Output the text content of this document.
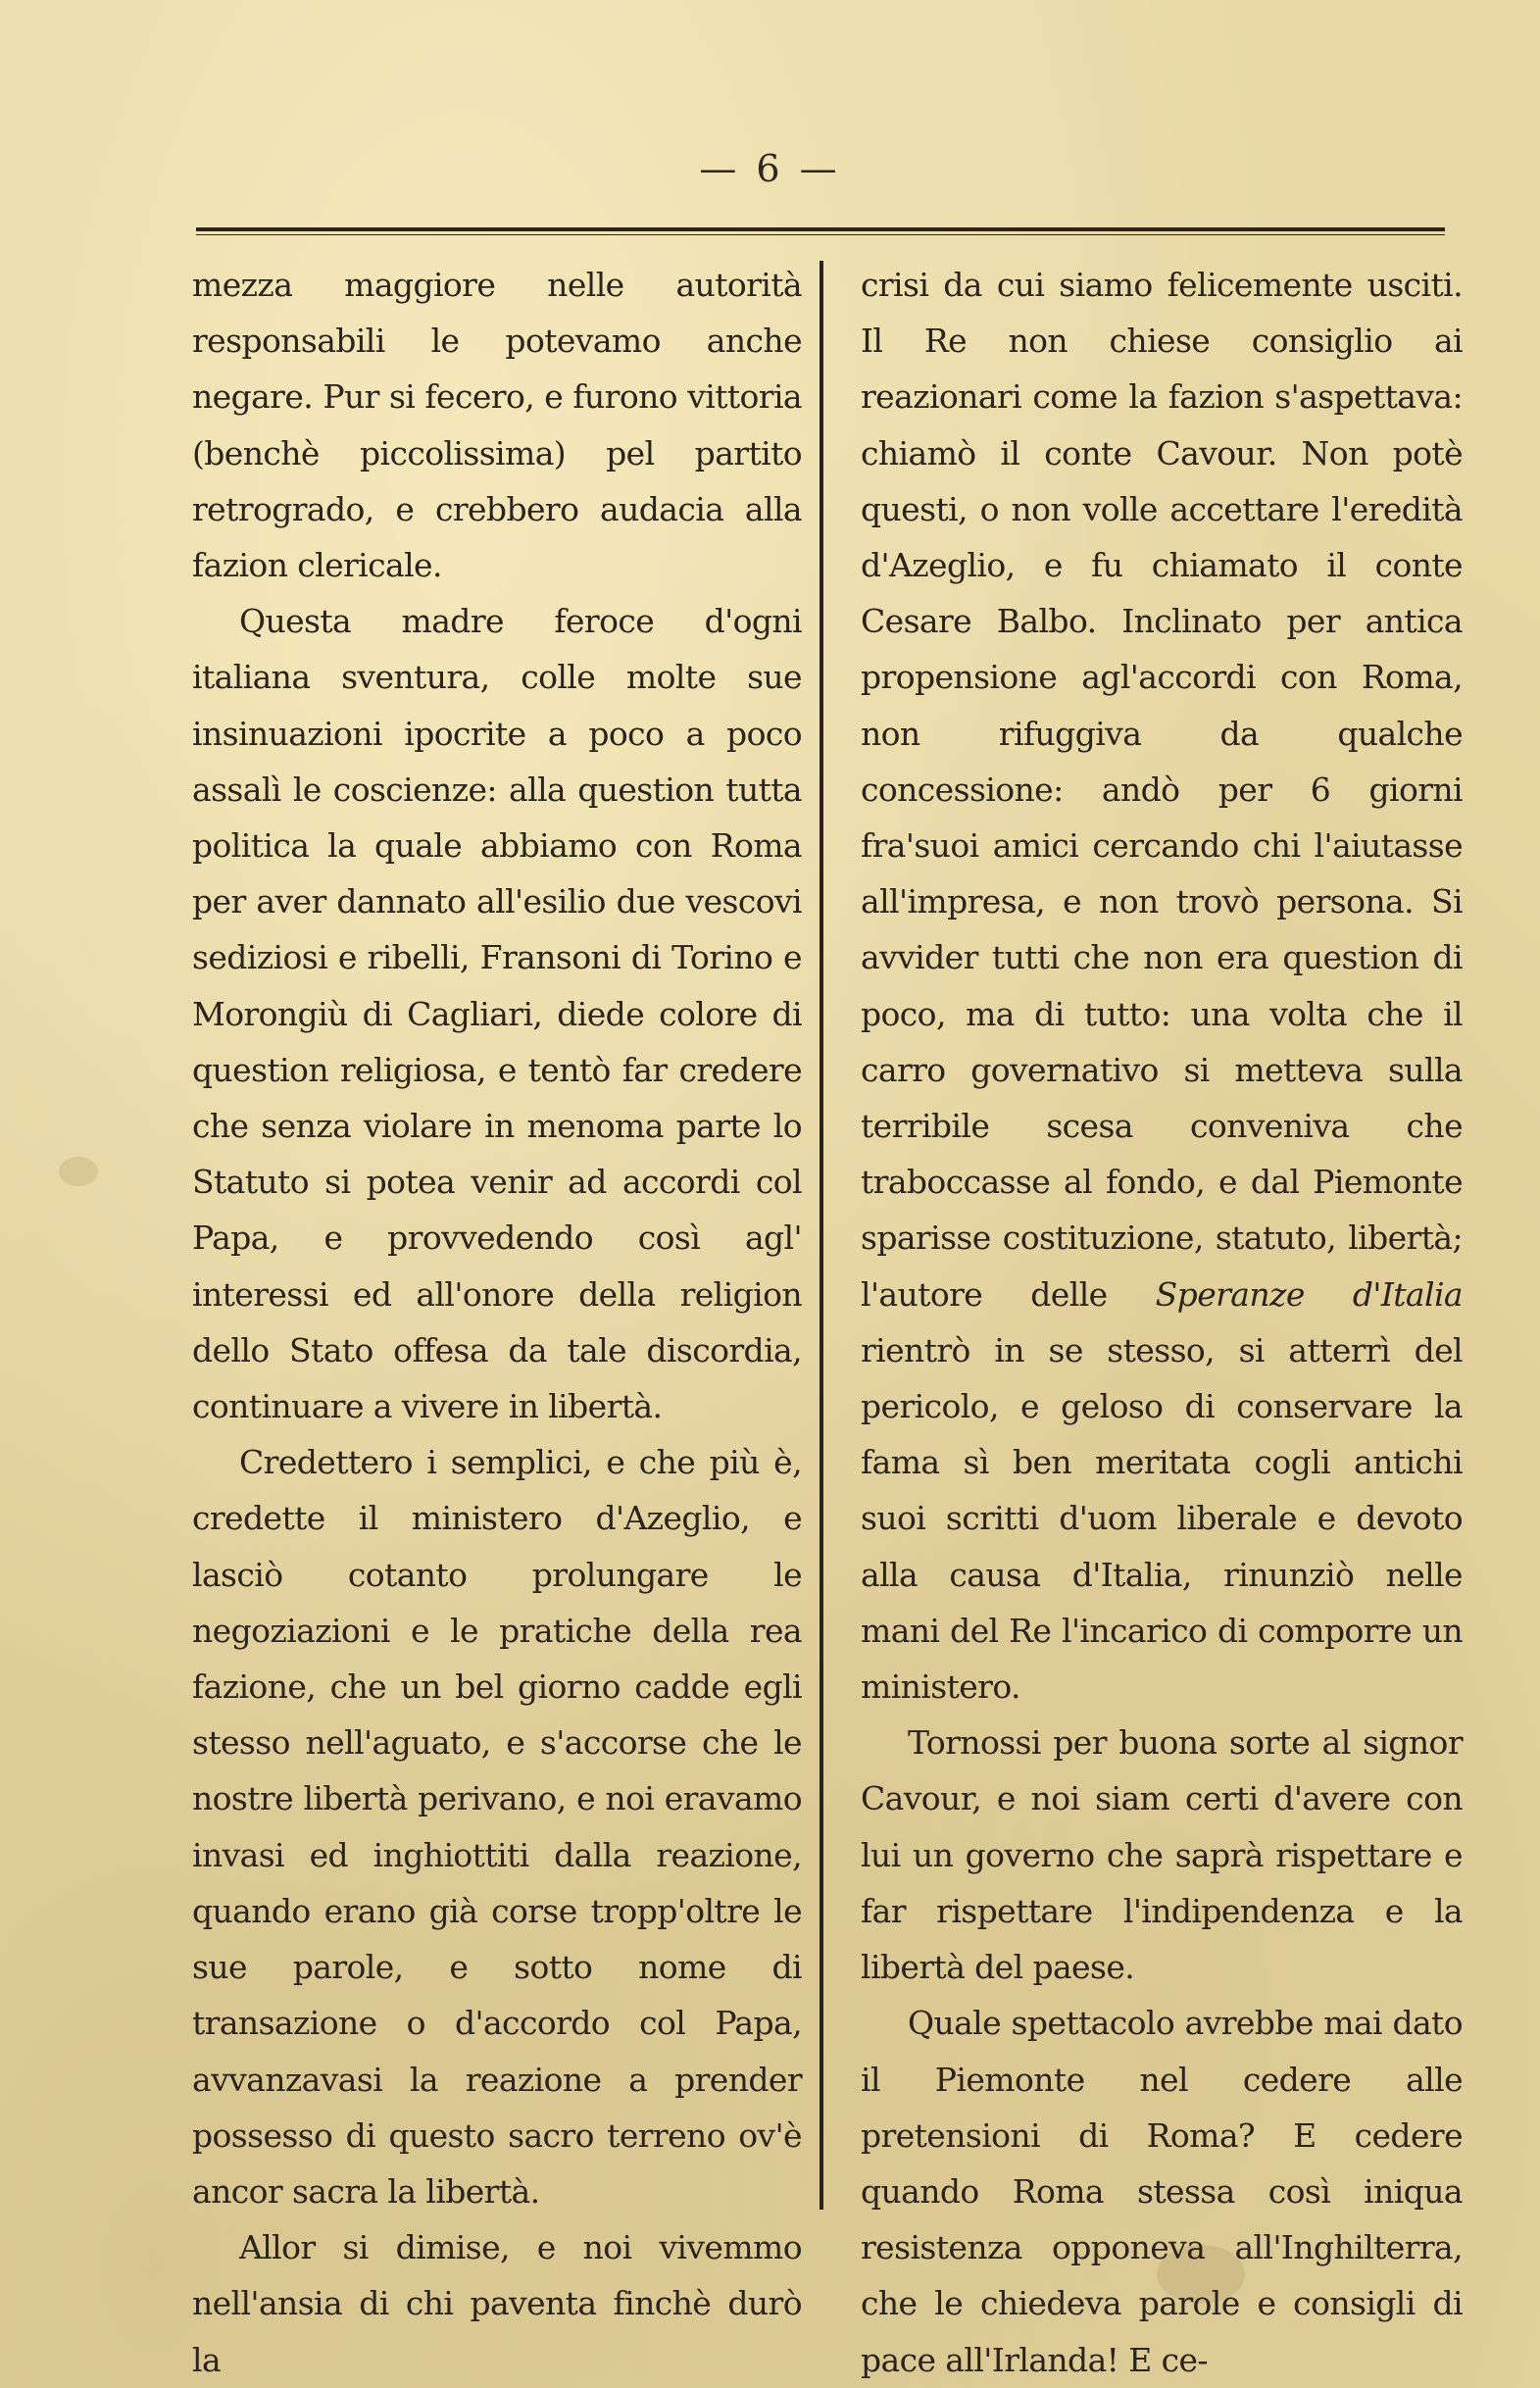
— 6 —

mezza maggiore nelle autorità responsabili le potevamo anche negare. Pur si fecero, e furono vittoria (benchè piccolissima) pel partito retrogrado, e crebbero audacia alla fazion clericale.

Questa madre feroce d'ogni italiana sventura, colle molte sue insinuazioni ipocrite a poco a poco assalì le coscienze: alla question tutta politica la quale abbiamo con Roma per aver dannato all'esilio due vescovi sediziosi e ribelli, Fransoni di Torino e Morongiù di Cagliari, diede colore di question religiosa, e tentò far credere che senza violare in menoma parte lo Statuto si potea venir ad accordi col Papa, e provvedendo così agl' interessi ed all'onore della religion dello Stato offesa da tale discordia, continuare a vivere in libertà.

Credettero i semplici, e che più è, credette il ministero d'Azeglio, e lasciò cotanto prolungare le negoziazioni e le pratiche della rea fazione, che un bel giorno cadde egli stesso nell'aguato, e s'accorse che le nostre libertà perivano, e noi eravamo invasi ed inghiottiti dalla reazione, quando erano già corse tropp'oltre le sue parole, e sotto nome di transazione o d'accordo col Papa, avvanzavasi la reazione a prender possesso di questo sacro terreno ov'è ancor sacra la libertà.

Allor si dimise, e noi vivemmo nell'ansia di chi paventa finchè durò la

crisi da cui siamo felicemente usciti. Il Re non chiese consiglio ai reazionari come la fazion s'aspettava: chiamò il conte Cavour. Non potè questi, o non volle accettare l'eredità d'Azeglio, e fu chiamato il conte Cesare Balbo. Inclinato per antica propensione agl'accordi con Roma, non rifuggiva da qualche concessione: andò per 6 giorni fra'suoi amici cercando chi l'aiutasse all'impresa, e non trovò persona. Si avvider tutti che non era question di poco, ma di tutto: una volta che il carro governativo si metteva sulla terribile scesa conveniva che traboccasse al fondo, e dal Piemonte sparisse costituzione, statuto, libertà; l'autore delle Speranze d'Italia rientrò in se stesso, si atterrì del pericolo, e geloso di conservare la fama sì ben meritata cogli antichi suoi scritti d'uom liberale e devoto alla causa d'Italia, rinunziò nelle mani del Re l'incarico di comporre un ministero.

Tornossi per buona sorte al signor Cavour, e noi siam certi d'avere con lui un governo che saprà rispettare e far rispettare l'indipendenza e la libertà del paese.

Quale spettacolo avrebbe mai dato il Piemonte nel cedere alle pretensioni di Roma? E cedere quando Roma stessa così iniqua resistenza opponeva all'Inghilterra, che le chiedeva parole e consigli di pace all'Irlanda! E ce-
